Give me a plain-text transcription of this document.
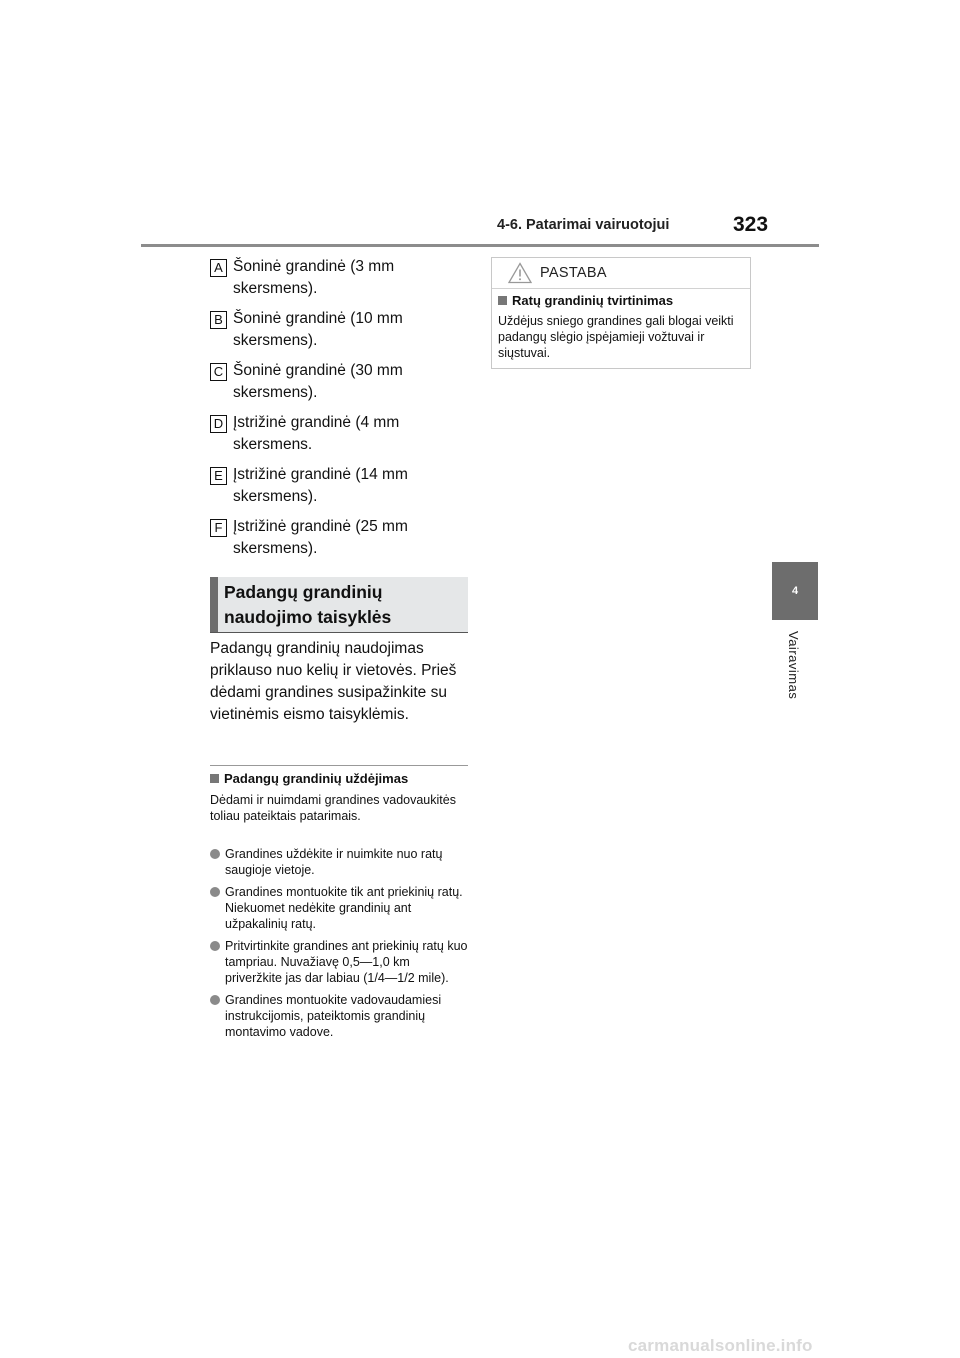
4-6. Patarimai vairuotojui	323
4
Vairavimas
A Šoninė grandinė (3 mm skersmens).
B Šoninė grandinė (10 mm skersmens).
C Šoninė grandinė (30 mm skersmens).
D Įstrižinė grandinė (4 mm skersmens.
E Įstrižinė grandinė (14 mm skersmens).
F Įstrižinė grandinė (25 mm skersmens).
Padangų grandinių naudojimo taisyklės
Padangų grandinių naudojimas priklauso nuo kelių ir vietovės. Prieš dėdami grandines susipažinkite su vietinėmis eismo taisyklėmis.
Padangų grandinių uždėjimas
Dėdami ir nuimdami grandines vadovaukitės toliau pateiktais patarimais.
Grandines uždėkite ir nuimkite nuo ratų saugioje vietoje.
Grandines montuokite tik ant priekinių ratų. Niekuomet nedėkite grandinių ant užpakalinių ratų.
Pritvirtinkite grandines ant priekinių ratų kuo tampriau. Nuvažiavę 0,5—1,0 km priveržkite jas dar labiau (1/4—1/2 mile).
Grandines montuokite vadovaudamiesi instrukcijomis, pateiktomis grandinių montavimo vadove.
PASTABA
Ratų grandinių tvirtinimas
Uždėjus sniego grandines gali blogai veikti padangų slėgio įspėjamieji vožtuvai ir siųstuvai.
carmanualsonline.info
